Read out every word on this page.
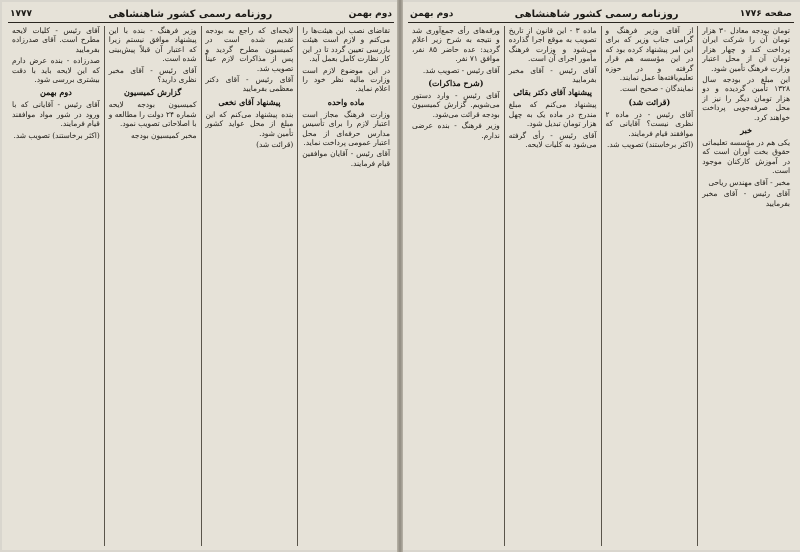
صفحه ۱۷۷۶
روزنامه رسمی کشور شاهنشاهی
دوم بهمن

تومان بودجه معادل ۳۰ هزار تومان آن را شرکت ایران پرداخت کند و چهار هزار تومان آن از محل اعتبار وزارت فرهنگ تأمین شود.

این مبلغ در بودجه سال ۱۳۲۸ تأمین گردیده و دو هزار تومان دیگر را نیز از محل صرفه‌جویی پرداخت خواهند کرد.

خبر

یکی هم در مؤسسه تعلیماتی حقوق بخت آوران است که در آموزش کارکنان موجود است.

مخبر - آقای مهندس ریاحی

آقای رئیس - آقای مخبر بفرمایید

از آقای وزیر فرهنگ و گرامی جناب وزیر که برای این امر پیشنهاد کرده بود که در این مؤسسه هم قرار گرفته و در حوزه تعلیم‌یافته‌ها عمل نمایند.

نمایندگان - صحیح است.

(قرائت شد)

آقای رئیس - در ماده ۲ نظری نیست؟ آقایانی که موافقند قیام فرمایند.

(اکثر برخاستند) تصویب شد.

ماده ۳ - این قانون از تاریخ تصویب به موقع اجرا گذارده می‌شود و وزارت فرهنگ مأمور اجرای آن است.

آقای رئیس - آقای مخبر بفرمایید

پیشنهاد آقای دکتر بقائی

پیشنهاد می‌کنم که مبلغ مندرج در ماده یک به چهل هزار تومان تبدیل شود.

آقای رئیس - رأی گرفته می‌شود به کلیات لایحه.

ورقه‌های رأی جمع‌آوری شد و نتیجه به شرح زیر اعلام گردید: عده حاضر ۸۵ نفر، موافق ۷۱ نفر.

آقای رئیس - تصویب شد.

(شرح مذاکرات)

آقای رئیس - وارد دستور می‌شویم. گزارش کمیسیون بودجه قرائت می‌شود.

وزیر فرهنگ - بنده عرضی ندارم.

دوم بهمن
روزنامه رسمی کشور شاهنشاهی
۱۷۷۷

تقاضای نصب این هیئت‌ها را می‌کنم و لازم است هیئت بازرسی تعیین گردد تا در این کار نظارت کامل بعمل آید.

در این موضوع لازم است وزارت مالیه نظر خود را اعلام نماید.

ماده واحده

وزارت فرهنگ مجاز است اعتبار لازم را برای تأسیس مدارس حرفه‌ای از محل اعتبار عمومی پرداخت نماید.

آقای رئیس - آقایان موافقین قیام فرمایند.

لایحه‌ای که راجع به بودجه تقدیم شده است در کمیسیون مطرح گردید و پس از مذاکرات لازم عیناً تصویب شد.

آقای رئیس - آقای دکتر معظمی بفرمایید

پیشنهاد آقای نخعی

بنده پیشنهاد می‌کنم که این مبلغ از محل عواید کشور تأمین شود.

(قرائت شد)

وزیر فرهنگ - بنده با این پیشنهاد موافق نیستم زیرا که اعتبار آن قبلاً پیش‌بینی شده است.

آقای رئیس - آقای مخبر نظری دارید؟

گزارش کمیسیون

کمیسیون بودجه لایحه شماره ۲۴ دولت را مطالعه و با اصلاحاتی تصویب نمود.

مخبر کمیسیون بودجه

آقای رئیس - کلیات لایحه مطرح است. آقای صدرزاده بفرمایید

صدرزاده - بنده عرض دارم که این لایحه باید با دقت بیشتری بررسی شود.

دوم بهمن

آقای رئیس - آقایانی که با ورود در شور مواد موافقند قیام فرمایند.

(اکثر برخاستند) تصویب شد.
